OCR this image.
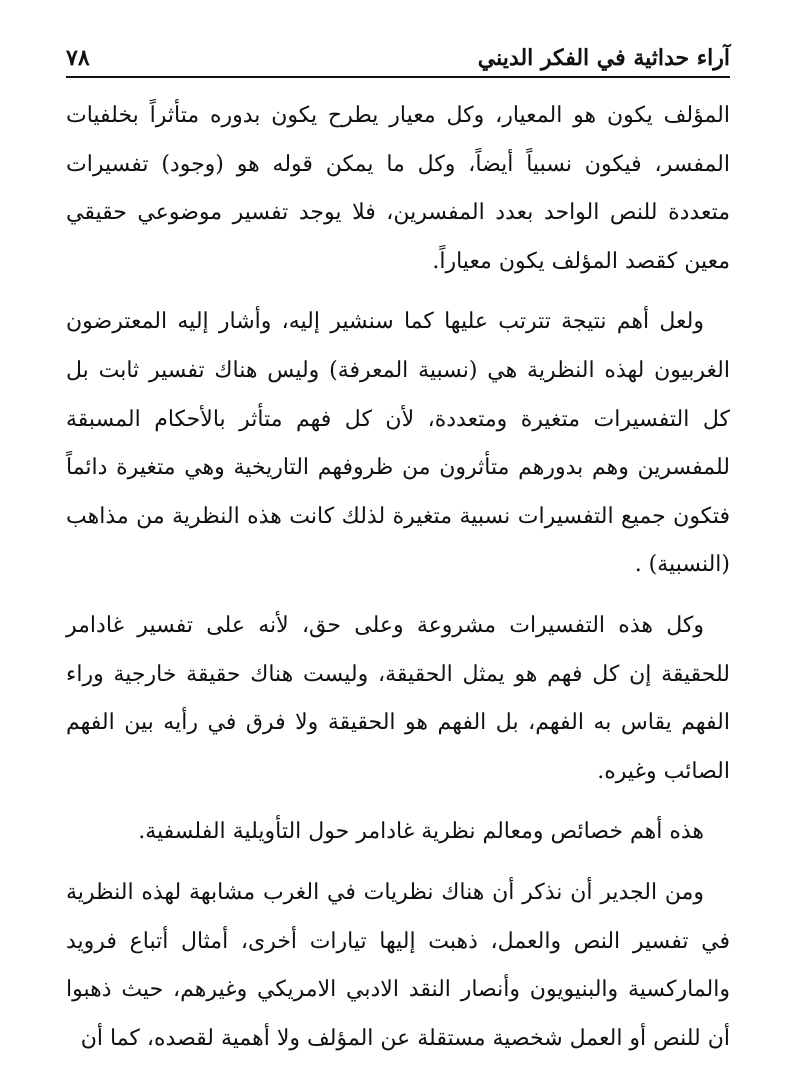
آراء حداثية في الفكر الديني
٧٨

المؤلف يكون هو المعيار، وكل معيار يطرح يكون بدوره متأثراً بخلفيات المفسر، فيكون نسبياً أيضاً، وكل ما يمكن قوله هو (وجود) تفسيرات متعددة للنص الواحد بعدد المفسرين، فلا يوجد تفسير موضوعي حقيقي معين كقصد المؤلف يكون معياراً.

ولعل أهم نتيجة تترتب عليها كما سنشير إليه، وأشار إليه المعترضون الغربيون لهذه النظرية هي (نسبية المعرفة) وليس هناك تفسير ثابت بل كل التفسيرات متغيرة ومتعددة، لأن كل فهم متأثر بالأحكام المسبقة للمفسرين وهم بدورهم متأثرون من ظروفهم التاريخية وهي متغيرة دائماً فتكون جميع التفسيرات نسبية متغيرة لذلك كانت هذه النظرية من مذاهب (النسبية) .

وكل هذه التفسيرات مشروعة وعلى حق، لأنه على تفسير غادامر للحقيقة إن كل فهم هو يمثل الحقيقة، وليست هناك حقيقة خارجية وراء الفهم يقاس به الفهم، بل الفهم هو الحقيقة ولا فرق في رأيه بين الفهم الصائب وغيره.

هذه أهم خصائص ومعالم نظرية غادامر حول التأويلية الفلسفية.

ومن الجدير أن نذكر أن هناك نظريات في الغرب مشابهة لهذه النظرية في تفسير النص والعمل، ذهبت إليها تيارات أخرى، أمثال أتباع فرويد والماركسية والبنيويون وأنصار النقد الادبي الامريكي وغيرهم، حيث ذهبوا أن للنص أو العمل شخصية مستقلة عن المؤلف ولا أهمية لقصده، كما أن
